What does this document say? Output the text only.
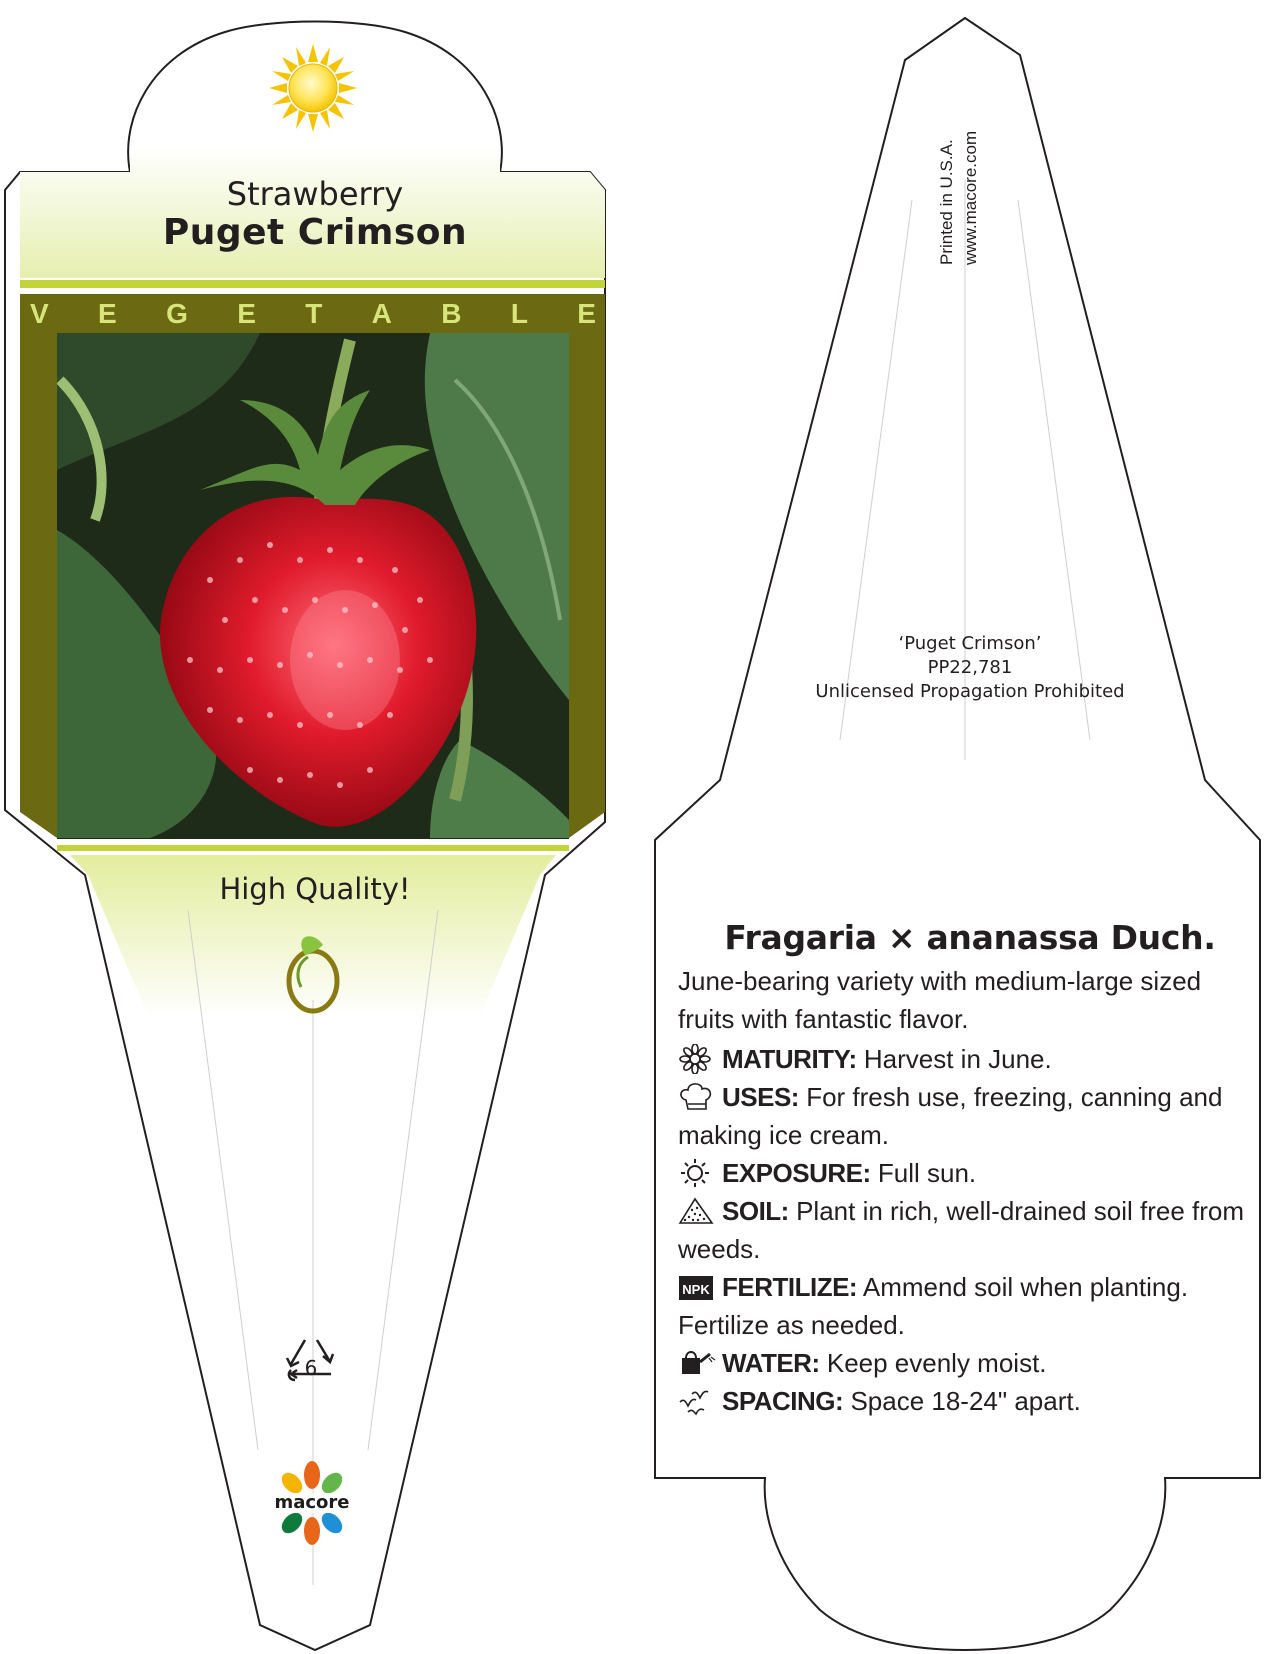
Strawberry
Puget Crimson
V E G E T A B L E
High Quality!
6
macore
Printed in U.S.A. www.macore.com
‘Puget Crimson’
PP22,781
Unlicensed Propagation Prohibited
Fragaria × ananassa Duch.
June-bearing variety with medium-large sized fruits with fantastic flavor.
MATURITY: Harvest in June.
USES: For fresh use, freezing, canning and making ice cream.
EXPOSURE: Full sun.
SOIL: Plant in rich, well-drained soil free from weeds.
NPK FERTILIZE: Ammend soil when planting. Fertilize as needed.
WATER: Keep evenly moist.
SPACING: Space 18-24" apart.
